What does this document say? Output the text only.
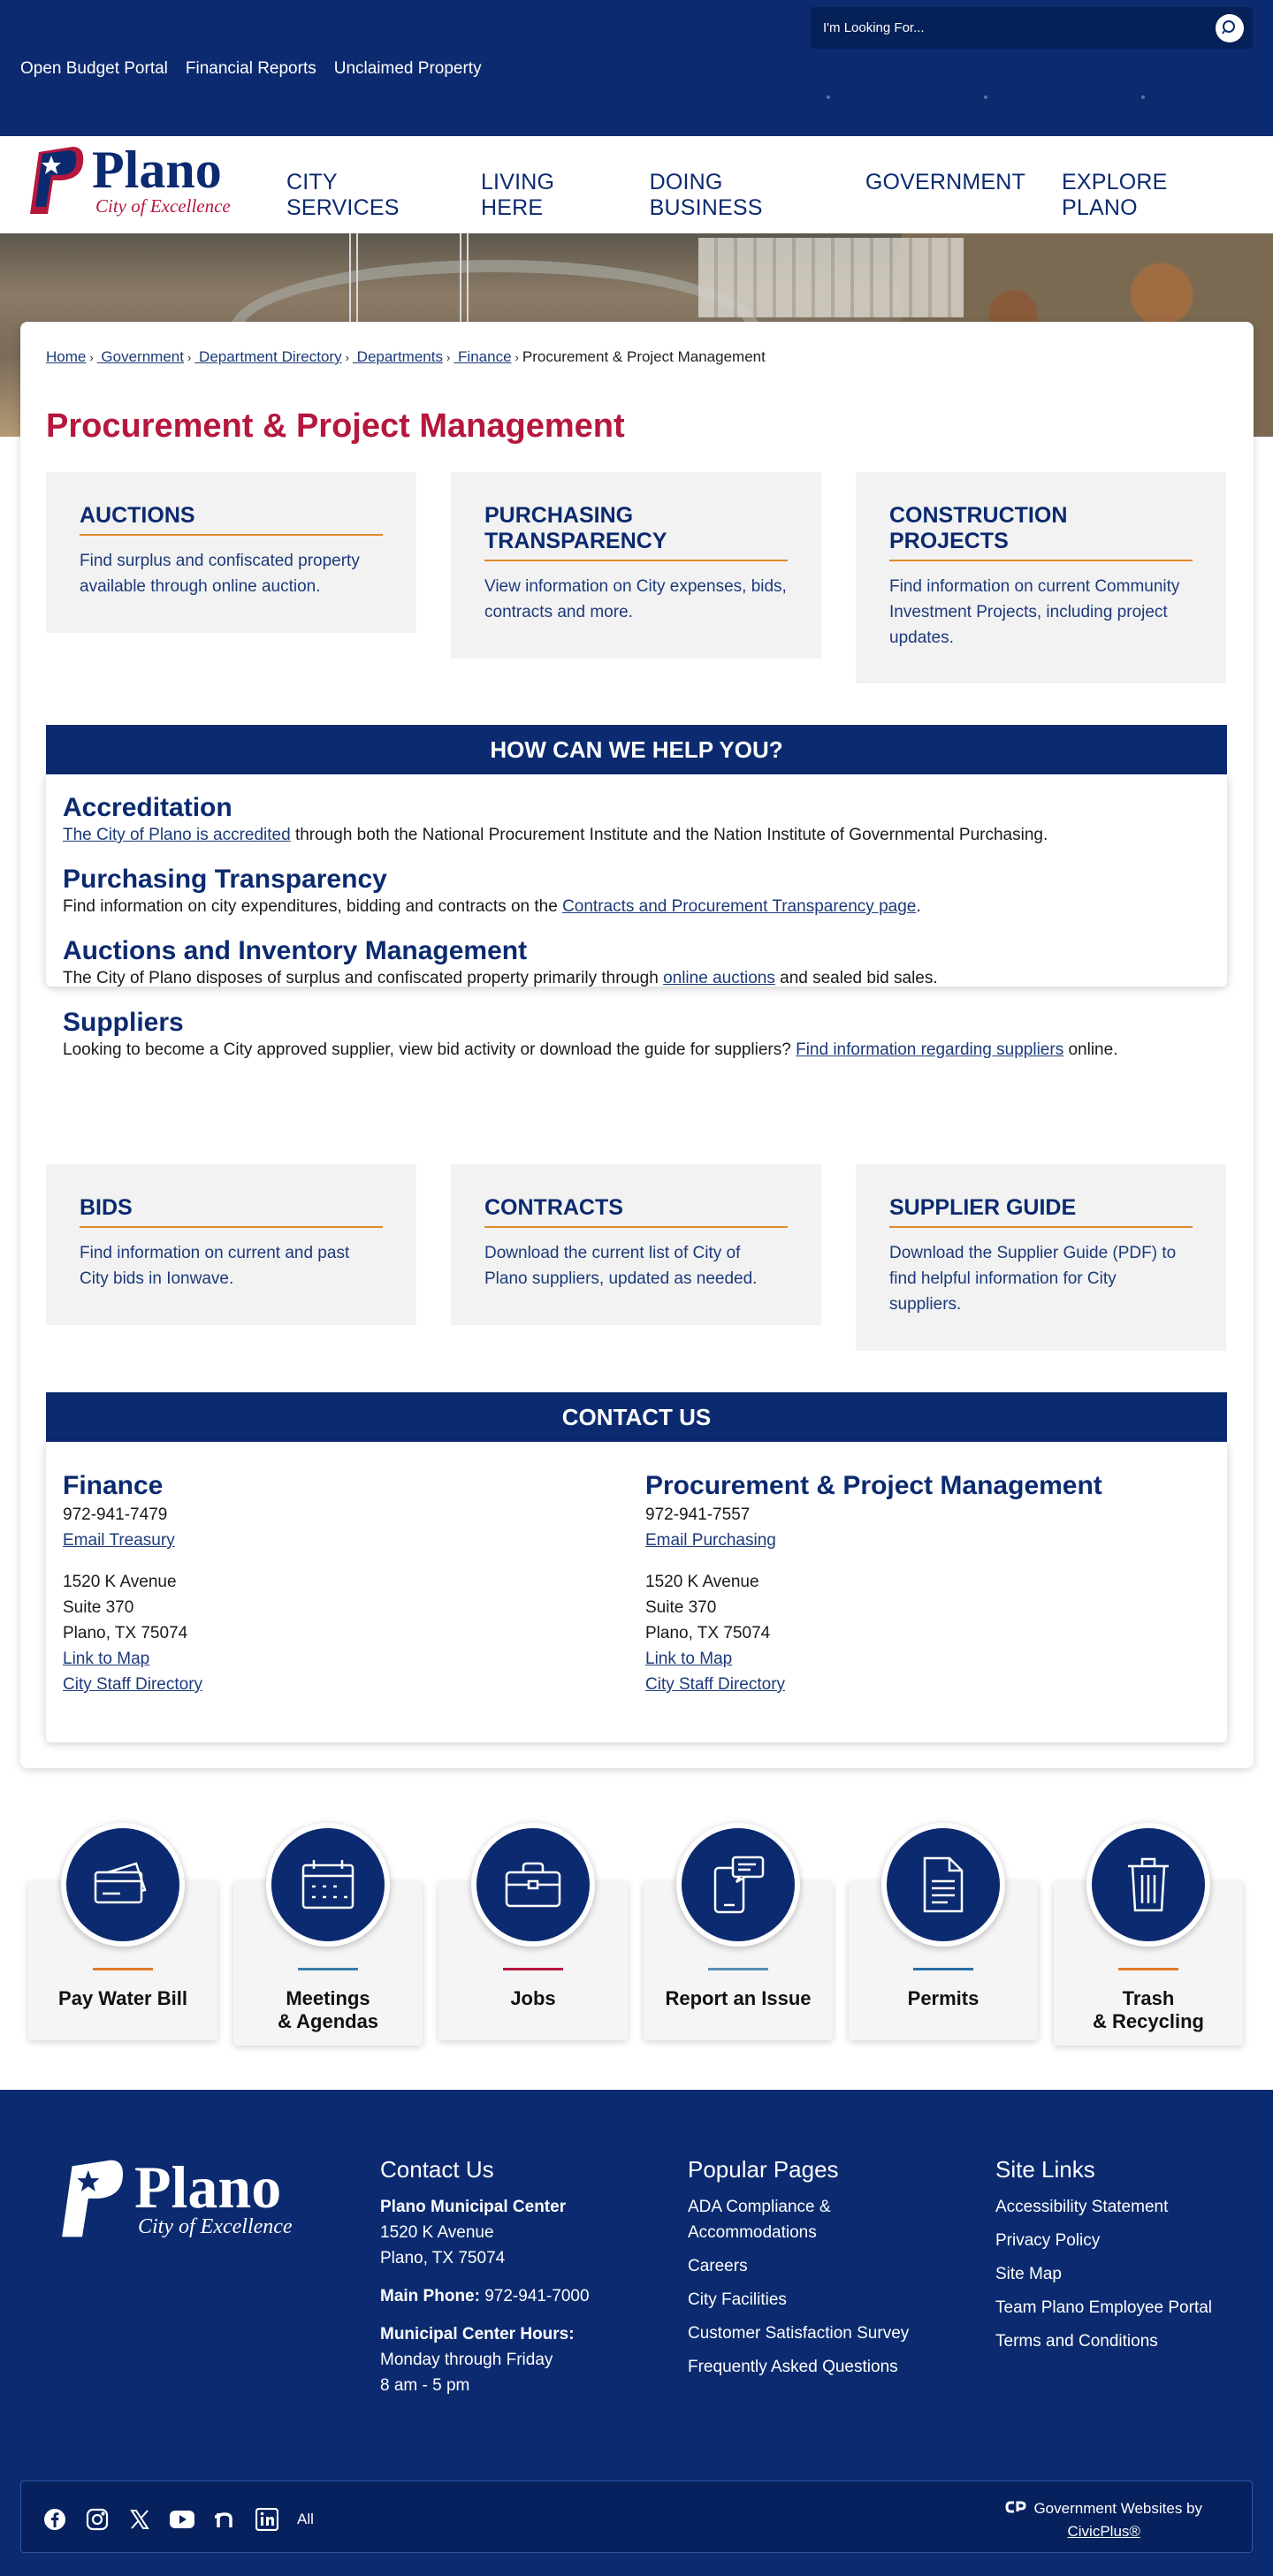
Open Budget Portal Financial Reports Unclaimed Property
I'm Looking For...
Plano
City of Excellence
CITY SERVICES
LIVING HERE
DOING BUSINESS
GOVERNMENT EXPLORE PLANO
Home › Government › Department Directory › Departments › Finance › Procurement & Project Management
Procurement & Project Management
AUCTIONS

Find surplus and confiscated property available through online auction.

PURCHASING TRANSPARENCY

View information on City expenses, bids, contracts and more.

CONSTRUCTION PROJECTS

Find information on current Community Investment Projects, including project updates.

HOW CAN WE HELP YOU?
Accreditation

The City of Plano is accredited through both the National Procurement Institute and the Nation Institute of Governmental Purchasing.

Purchasing Transparency

Find information on city expenditures, bidding and contracts on the Contracts and Procurement Transparency page.

Auctions and Inventory Management

The City of Plano disposes of surplus and confiscated property primarily through online auctions and sealed bid sales.

Suppliers

Looking to become a City approved supplier, view bid activity or download the guide for suppliers? Find information regarding suppliers online.

BIDS

Find information on current and past City bids in Ionwave.

CONTRACTS

Download the current list of City of Plano suppliers, updated as needed.

SUPPLIER GUIDE

Download the Supplier Guide (PDF) to find helpful information for City suppliers.

CONTACT US
Finance
972-941-7479
Email Treasury
1520 K Avenue
Suite 370
Plano, TX 75074
Link to Map
City Staff Directory
Procurement & Project Management
972-941-7557
Email Purchasing
1520 K Avenue
Suite 370
Plano, TX 75074
Link to Map
City Staff Directory
Pay Water Bill	Meetings
& Agendas
Jobs	Report an Issue	Permits	Trash
& Recycling
Plano
City of Excellence
Contact Us
Plano Municipal Center
1520 K Avenue
Plano, TX 75074
Main Phone: 972-941-7000
Municipal Center Hours:
Monday through Friday
8 am - 5 pm
Popular Pages
ADA Compliance & Accommodations
Careers
City Facilities
Customer Satisfaction Survey
Frequently Asked Questions
Site Links
Accessibility Statement
Privacy Policy
Site Map
Team Plano Employee Portal
Terms and Conditions
All
Government Websites by
CivicPlus®
